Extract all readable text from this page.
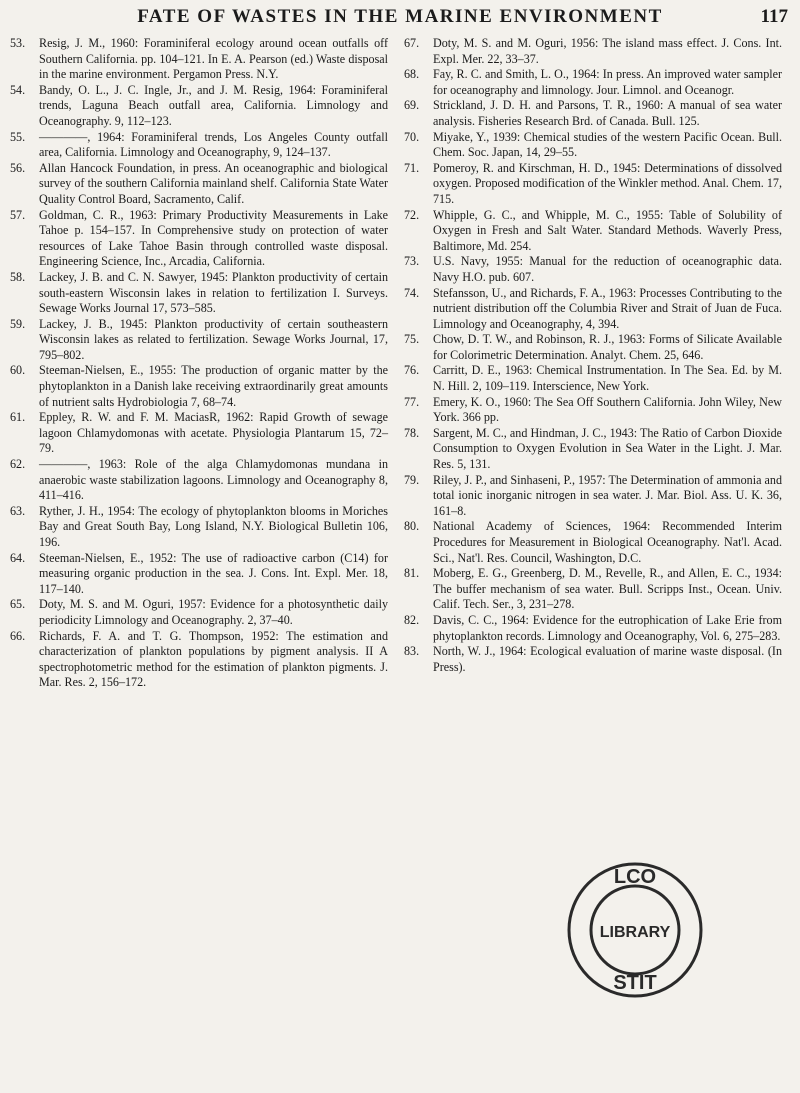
FATE OF WASTES IN THE MARINE ENVIRONMENT	117
53.	Resig, J. M., 1960: Foraminiferal ecology around ocean outfalls off Southern California. pp. 104–121. In E. A. Pearson (ed.) Waste disposal in the marine environment. Pergamon Press. N.Y.
54.	Bandy, O. L., J. C. Ingle, Jr., and J. M. Resig, 1964: Foraminiferal trends, Laguna Beach outfall area, California. Limnology and Oceanography. 9, 112–123.
55.	————, 1964: Foraminiferal trends, Los Angeles County outfall area, California. Limnology and Oceanography, 9, 124–137.
56.	Allan Hancock Foundation, in press. An oceanographic and biological survey of the southern California mainland shelf. California State Water Quality Control Board, Sacramento, Calif.
57.	Goldman, C. R., 1963: Primary Productivity Measurements in Lake Tahoe p. 154–157. In Comprehensive study on protection of water resources of Lake Tahoe Basin through controlled waste disposal. Engineering Science, Inc., Arcadia, California.
58.	Lackey, J. B. and C. N. Sawyer, 1945: Plankton productivity of certain south-eastern Wisconsin lakes in relation to fertilization I. Surveys. Sewage Works Journal 17, 573–585.
59.	Lackey, J. B., 1945: Plankton productivity of certain southeastern Wisconsin lakes as related to fertilization. Sewage Works Journal, 17, 795–802.
60.	Steeman-Nielsen, E., 1955: The production of organic matter by the phytoplankton in a Danish lake receiving extraordinarily great amounts of nutrient salts Hydrobiologia 7, 68–74.
61.	Eppley, R. W. and F. M. MaciasR, 1962: Rapid Growth of sewage lagoon Chlamydomonas with acetate. Physiologia Plantarum 15, 72–79.
62.	————, 1963: Role of the alga Chlamydomonas mundana in anaerobic waste stabilization lagoons. Limnology and Oceanography 8, 411–416.
63.	Ryther, J. H., 1954: The ecology of phytoplankton blooms in Moriches Bay and Great South Bay, Long Island, N.Y. Biological Bulletin 106, 196.
64.	Steeman-Nielsen, E., 1952: The use of radioactive carbon (C14) for measuring organic production in the sea. J. Cons. Int. Expl. Mer. 18, 117–140.
65.	Doty, M. S. and M. Oguri, 1957: Evidence for a photosynthetic daily periodicity Limnology and Oceanography. 2, 37–40.
66.	Richards, F. A. and T. G. Thompson, 1952: The estimation and characterization of plankton populations by pigment analysis. II A spectrophotometric method for the estimation of plankton pigments. J. Mar. Res. 2, 156–172.
67.	Doty, M. S. and M. Oguri, 1956: The island mass effect. J. Cons. Int. Expl. Mer. 22, 33–37.
68.	Fay, R. C. and Smith, L. O., 1964: In press. An improved water sampler for oceanography and limnology. Jour. Limnol. and Oceanogr.
69.	Strickland, J. D. H. and Parsons, T. R., 1960: A manual of sea water analysis. Fisheries Research Brd. of Canada. Bull. 125.
70.	Miyake, Y., 1939: Chemical studies of the western Pacific Ocean. Bull. Chem. Soc. Japan, 14, 29–55.
71.	Pomeroy, R. and Kirschman, H. D., 1945: Determinations of dissolved oxygen. Proposed modification of the Winkler method. Anal. Chem. 17, 715.
72.	Whipple, G. C., and Whipple, M. C., 1955: Table of Solubility of Oxygen in Fresh and Salt Water. Standard Methods. Waverly Press, Baltimore, Md. 254.
73.	U.S. Navy, 1955: Manual for the reduction of oceanographic data. Navy H.O. pub. 607.
74.	Stefansson, U., and Richards, F. A., 1963: Processes Contributing to the nutrient distribution off the Columbia River and Strait of Juan de Fuca. Limnology and Oceanography, 4, 394.
75.	Chow, D. T. W., and Robinson, R. J., 1963: Forms of Silicate Available for Colorimetric Determination. Analyt. Chem. 25, 646.
76.	Carritt, D. E., 1963: Chemical Instrumentation. In The Sea. Ed. by M. N. Hill. 2, 109–119. Interscience, New York.
77.	Emery, K. O., 1960: The Sea Off Southern California. John Wiley, New York. 366 pp.
78.	Sargent, M. C., and Hindman, J. C., 1943: The Ratio of Carbon Dioxide Consumption to Oxygen Evolution in Sea Water in the Light. J. Mar. Res. 5, 131.
79.	Riley, J. P., and Sinhaseni, P., 1957: The Determination of ammonia and total ionic inorganic nitrogen in sea water. J. Mar. Biol. Ass. U. K. 36, 161–8.
80.	National Academy of Sciences, 1964: Recommended Interim Procedures for Measurement in Biological Oceanography. Nat'l. Acad. Sci., Nat'l. Res. Council, Washington, D.C.
81.	Moberg, E. G., Greenberg, D. M., Revelle, R., and Allen, E. C., 1934: The buffer mechanism of sea water. Bull. Scripps Inst., Ocean. Univ. Calif. Tech. Ser., 3, 231–278.
82.	Davis, C. C., 1964: Evidence for the eutrophication of Lake Erie from phytoplankton records. Limnology and Oceanography, Vol. 6, 275–283.
83.	North, W. J., 1964: Ecological evaluation of marine waste disposal. (In Press).
LCO
LIBRARY
STIT
